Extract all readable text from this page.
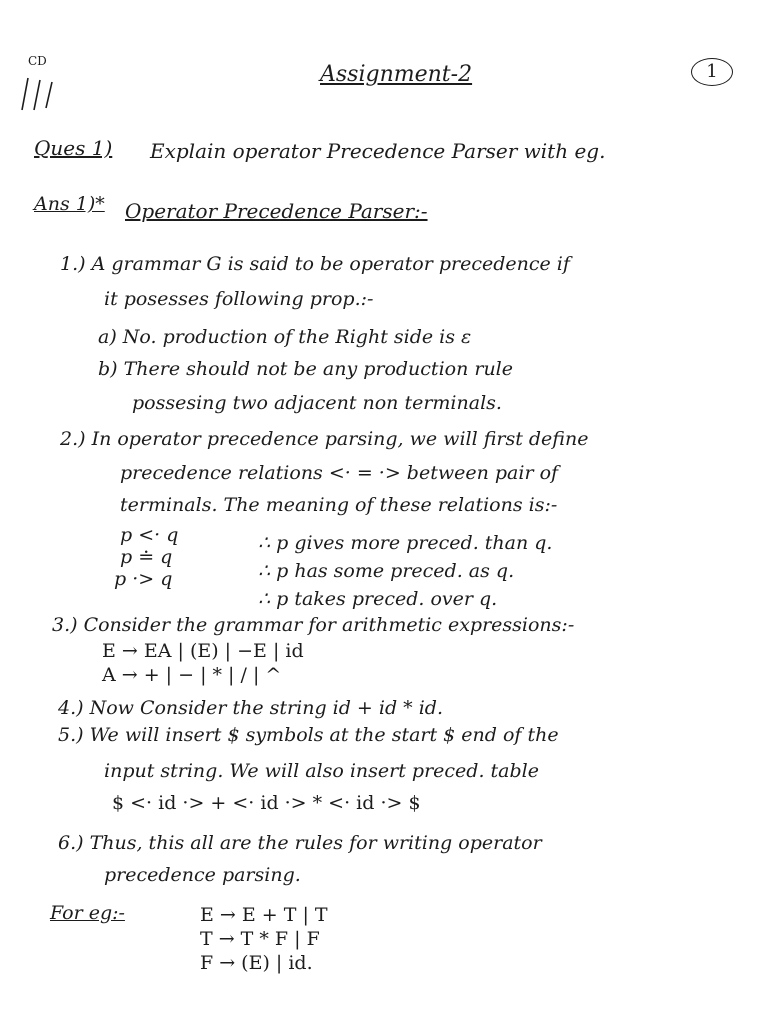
CD
Assignment-2	1
Ques 1) Explain operator Precedence Parser with eg.
Ans 1)* Operator Precedence Parser:-
1.) A grammar G is said to be operator precedence if
it posesses following prop.:-
a) No. production of the Right side is ε
b) There should not be any production rule
possesing two adjacent non terminals.
2.) In operator precedence parsing, we will first define
precedence relations <· = ·> between pair of
terminals. The meaning of these relations is:-
p <· q
p ≐ q
p ·> q
∴ p gives more preced. than q.
∴ p has some preced. as q.
∴ p takes preced. over q.
3.) Consider the grammar for arithmetic expressions:-
E → EA | (E) | −E | id
A → + | − | * | / | ^
4.) Now Consider the string id + id * id.
5.) We will insert $ symbols at the start $ end of the
input string. We will also insert preced. table
$ <· id ·> + <· id ·> * <· id ·> $
6.) Thus, this all are the rules for writing operator
precedence parsing.
For eg:-	E → E + T | T
T → T * F | F
F → (E) | id.
